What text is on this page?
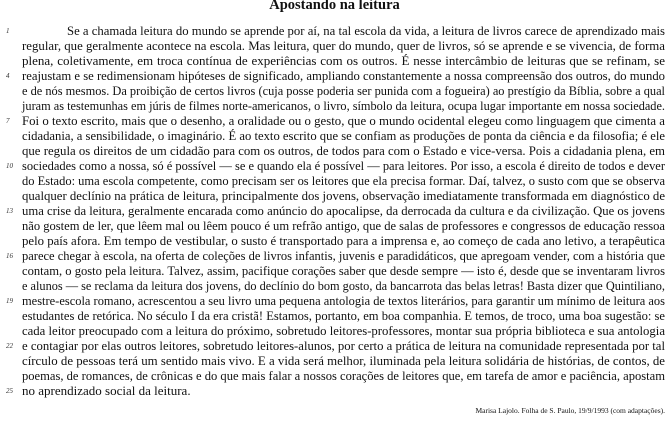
Apostando na leitura
1	Se a chamada leitura do mundo se aprende por aí, na tal escola da vida, a leitura de livros carece de aprendizado mais
regular, que geralmente acontece na escola. Mas leitura, quer do mundo, quer de livros, só se aprende e se vivencia, de forma
plena, coletivamente, em troca contínua de experiências com os outros. É nesse intercâmbio de leituras que se refinam, se
4 reajustam e se redimensionam hipóteses de significado, ampliando constantemente a nossa compreensão dos outros, do mundo
e de nós mesmos. Da proibição de certos livros (cuja posse poderia ser punida com a fogueira) ao prestígio da Bíblia, sobre a qual
juram as testemunhas em júris de filmes norte-americanos, o livro, símbolo da leitura, ocupa lugar importante em nossa sociedade.
7 Foi o texto escrito, mais que o desenho, a oralidade ou o gesto, que o mundo ocidental elegeu como linguagem que cimenta a
cidadania, a sensibilidade, o imaginário. É ao texto escrito que se confiam as produções de ponta da ciência e da filosofia; é ele
que regula os direitos de um cidadão para com os outros, de todos para com o Estado e vice-versa. Pois a cidadania plena, em
10 sociedades como a nossa, só é possível — se e quando ela é possível — para leitores. Por isso, a escola é direito de todos e dever
do Estado: uma escola competente, como precisam ser os leitores que ela precisa formar. Daí, talvez, o susto com que se observa
qualquer declínio na prática de leitura, principalmente dos jovens, observação imediatamente transformada em diagnóstico de
13 uma crise da leitura, geralmente encarada como anúncio do apocalipse, da derrocada da cultura e da civilização. Que os jovens
não gostem de ler, que lêem mal ou lêem pouco é um refrão antigo, que de salas de professores e congressos de educação ressoa
pelo país afora. Em tempo de vestibular, o susto é transportado para a imprensa e, ao começo de cada ano letivo, a terapêutica
16 parece chegar à escola, na oferta de coleções de livros infantis, juvenis e paradidáticos, que apregoam vender, com a história que
contam, o gosto pela leitura. Talvez, assim, pacifique corações saber que desde sempre — isto é, desde que se inventaram livros
e alunos — se reclama da leitura dos jovens, do declínio do bom gosto, da bancarrota das belas letras! Basta dizer que Quintiliano,
19 mestre-escola romano, acrescentou a seu livro uma pequena antologia de textos literários, para garantir um mínimo de leitura aos
estudantes de retórica. No século I da era cristã! Estamos, portanto, em boa companhia. E temos, de troco, uma boa sugestão: se
cada leitor preocupado com a leitura do próximo, sobretudo leitores-professores, montar sua própria biblioteca e sua antologia
22 e contagiar por elas outros leitores, sobretudo leitores-alunos, por certo a prática de leitura na comunidade representada por tal
círculo de pessoas terá um sentido mais vivo. E a vida será melhor, iluminada pela leitura solidária de histórias, de contos, de
poemas, de romances, de crônicas e do que mais falar a nossos corações de leitores que, em tarefa de amor e paciência, apostam
25 no aprendizado social da leitura.
Marisa Lajolo. Folha de S. Paulo, 19/9/1993 (com adaptações).
